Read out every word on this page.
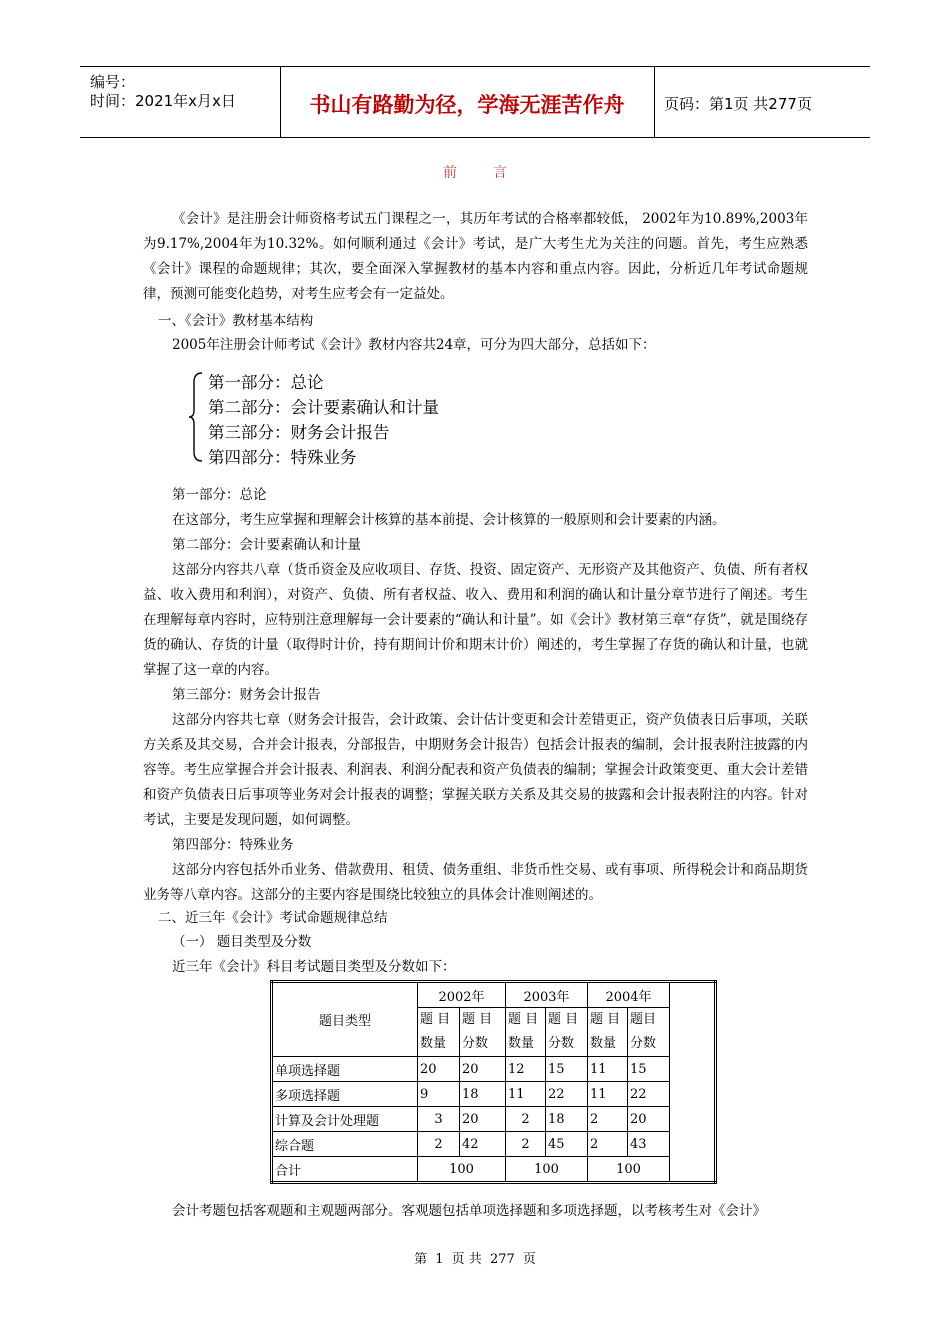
编号：
时间：2021年x月x日	书山有路勤为径，学海无涯苦作舟	页码：第1页 共277页
前言
《会计》是注册会计师资格考试五门课程之一，其历年考试的合格率都较低， 2002年为10.89%,2003年为9.17%,2004年为10.32%。如何顺利通过《会计》考试，是广大考生尤为关注的问题。首先，考生应熟悉《会计》课程的命题规律；其次，要全面深入掌握教材的基本内容和重点内容。因此，分析近几年考试命题规律，预测可能变化趋势，对考生应考会有一定益处。
一、《会计》教材基本结构
2005年注册会计师考试《会计》教材内容共24章，可分为四大部分，总括如下：
第一部分：总论
第二部分：会计要素确认和计量
第三部分：财务会计报告
第四部分：特殊业务
第一部分：总论
在这部分，考生应掌握和理解会计核算的基本前提、会计核算的一般原则和会计要素的内涵。
第二部分：会计要素确认和计量
这部分内容共八章（货币资金及应收项目、存货、投资、固定资产、无形资产及其他资产、负债、所有者权益、收入费用和利润），对资产、负债、所有者权益、收入、费用和利润的确认和计量分章节进行了阐述。考生在理解每章内容时，应特别注意理解每一会计要素的“确认和计量”。如《会计》教材第三章“存货”，就是围绕存货的确认、存货的计量（取得时计价，持有期间计价和期末计价）阐述的，考生掌握了存货的确认和计量，也就掌握了这一章的内容。
第三部分：财务会计报告
这部分内容共七章（财务会计报告，会计政策、会计估计变更和会计差错更正，资产负债表日后事项，关联方关系及其交易，合并会计报表，分部报告，中期财务会计报告）包括会计报表的编制，会计报表附注披露的内容等。考生应掌握合并会计报表、利润表、利润分配表和资产负债表的编制；掌握会计政策变更、重大会计差错和资产负债表日后事项等业务对会计报表的调整；掌握关联方关系及其交易的披露和会计报表附注的内容。针对考试，主要是发现问题，如何调整。
第四部分：特殊业务
这部分内容包括外币业务、借款费用、租赁、债务重组、非货币性交易、或有事项、所得税会计和商品期货业务等八章内容。这部分的主要内容是围绕比较独立的具体会计准则阐述的。
二、近三年《会计》考试命题规律总结
（一） 题目类型及分数
近三年《会计》科目考试题目类型及分数如下：
题目类型	2002年		2003年		2004年	
	题 目数量	题 目分数	题 目数量	题 目分数	题 目数量	题目分数
单项选择题	20	20	12	15	11	15
多项选择题	9	18	11	22	11	22
计算及会计处理题	3	20	2	18	2	20
综合题	2	42	2	45	2	43
合计	100		100		100	
会计考题包括客观题和主观题两部分。客观题包括单项选择题和多项选择题，以考核考生对《会计》
第 1 页 共 277 页
